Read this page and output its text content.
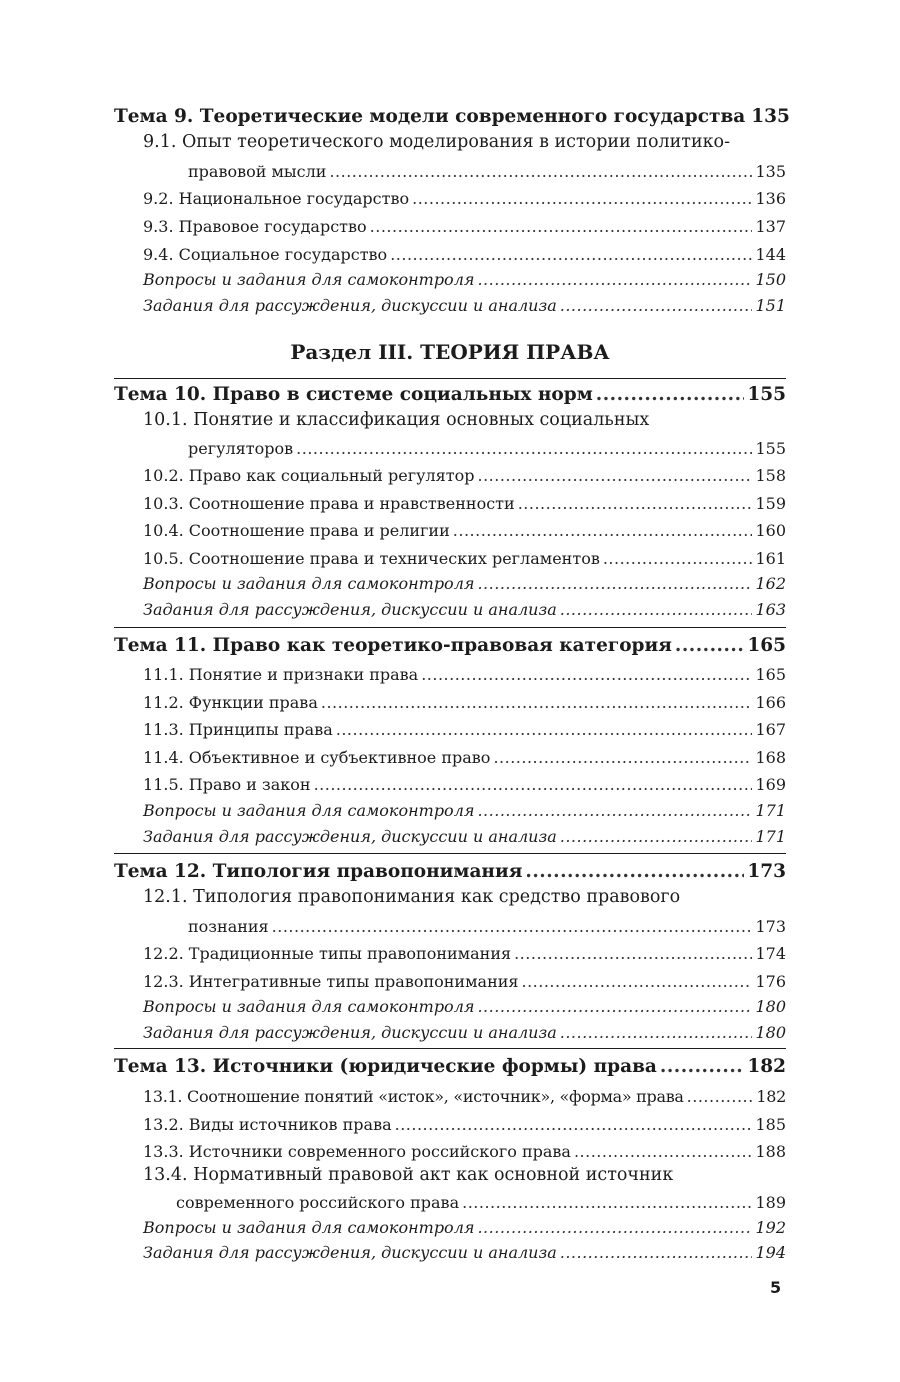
Тема 9. Теоретические модели современного государства 135
9.1. Опыт теоретического моделирования в истории политико-
правовой мысли .....	135
9.2. Национальное государство .....	136
9.3. Правовое государство .....	137
9.4. Социальное государство .....	144
Вопросы и задания для самоконтроля .....	150
Задания для рассуждения, дискуссии и анализа .....	151
Раздел III. ТЕОРИЯ ПРАВА
Тема 10. Право в системе социальных норм .....	155
10.1. Понятие и классификация основных социальных
регуляторов .....	155
10.2. Право как социальный регулятор .....	158
10.3. Соотношение права и нравственности .....	159
10.4. Соотношение права и религии .....	160
10.5. Соотношение права и технических регламентов .....	161
Вопросы и задания для самоконтроля .....	162
Задания для рассуждения, дискуссии и анализа .....	163
Тема 11. Право как теоретико-правовая категория .....	165
11.1. Понятие и признаки права .....	165
11.2. Функции права .....	166
11.3. Принципы права .....	167
11.4. Объективное и субъективное право .....	168
11.5. Право и закон .....	169
Вопросы и задания для самоконтроля .....	171
Задания для рассуждения, дискуссии и анализа .....	171
Тема 12. Типология правопонимания .....	173
12.1. Типология правопонимания как средство правового
познания .....	173
12.2. Традиционные типы правопонимания .....	174
12.3. Интегративные типы правопонимания .....	176
Вопросы и задания для самоконтроля .....	180
Задания для рассуждения, дискуссии и анализа .....	180
Тема 13. Источники (юридические формы) права .....	182
13.1. Соотношение понятий «исток», «источник», «форма» права .....	182
13.2. Виды источников права .....	185
13.3. Источники современного российского права .....	188
13.4. Нормативный правовой акт как основной источник
современного российского права .....	189
Вопросы и задания для самоконтроля .....	192
Задания для рассуждения, дискуссии и анализа .....	194
5
